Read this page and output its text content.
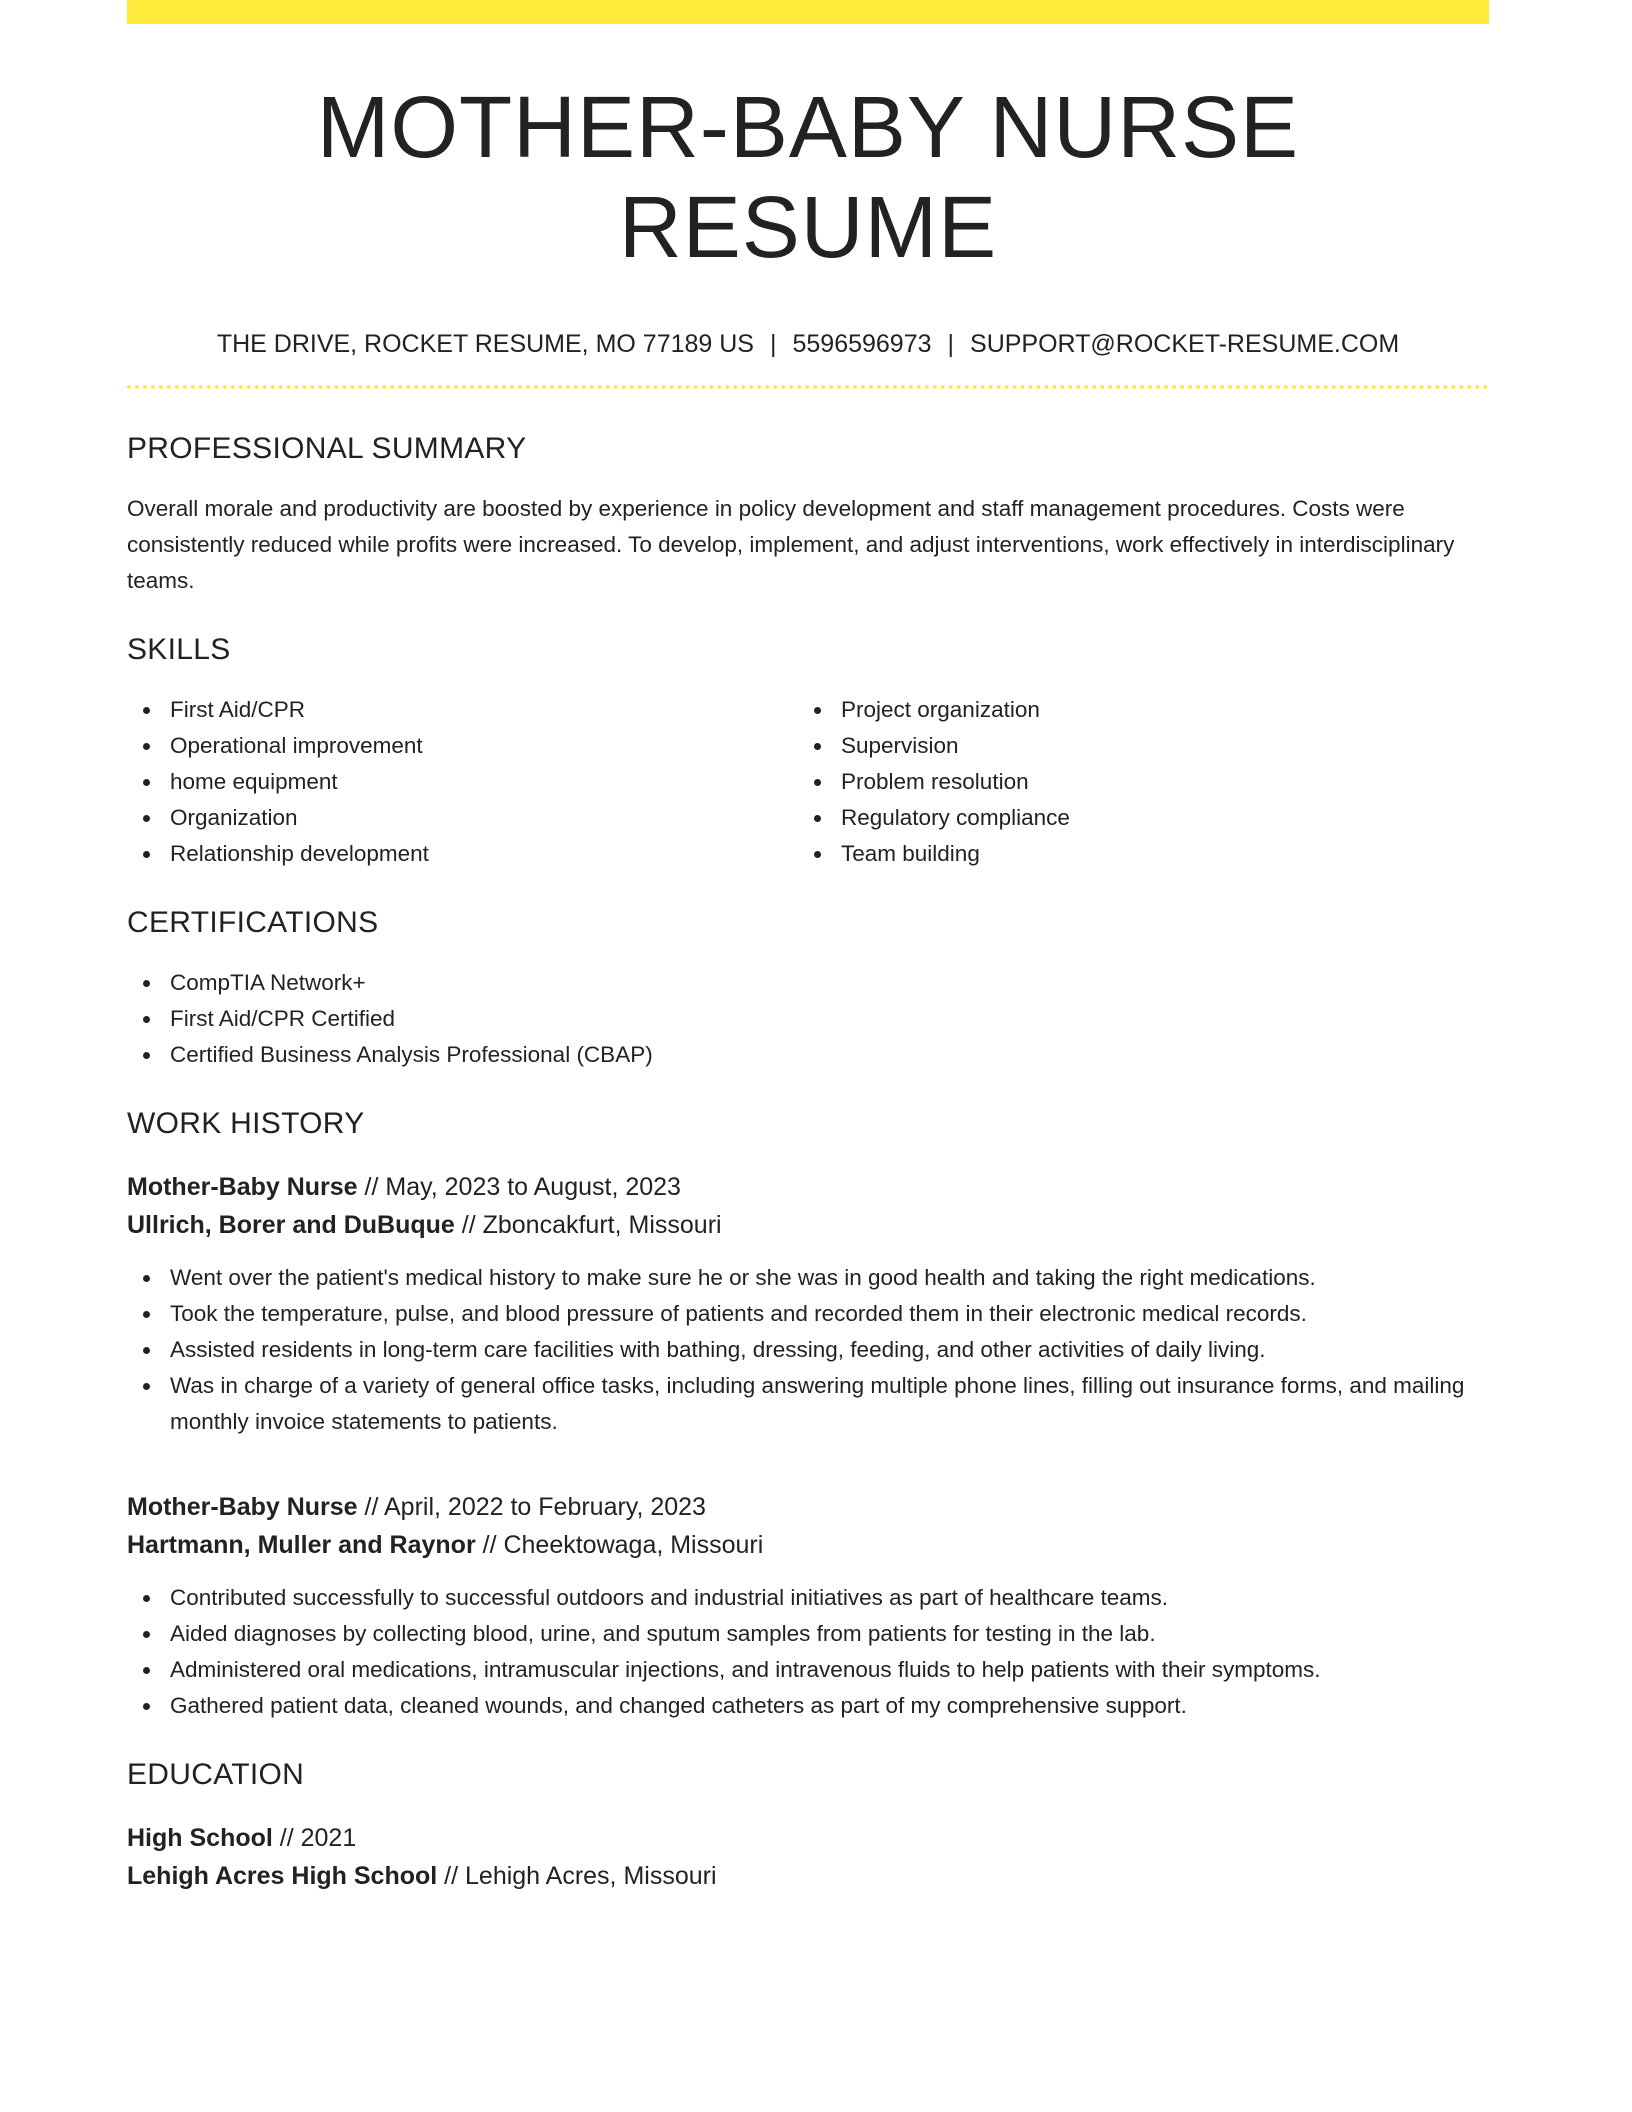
MOTHER-BABY NURSE RESUME
THE DRIVE, ROCKET RESUME, MO 77189 US | 5596596973 | SUPPORT@ROCKET-RESUME.COM
PROFESSIONAL SUMMARY

Overall morale and productivity are boosted by experience in policy development and staff management procedures. Costs were consistently reduced while profits were increased. To develop, implement, and adjust interventions, work effectively in interdisciplinary teams.

SKILLS
First Aid/CPR
Operational improvement
home equipment
Organization
Relationship development
Project organization
Supervision
Problem resolution
Regulatory compliance
Team building
CERTIFICATIONS
CompTIA Network+
First Aid/CPR Certified
Certified Business Analysis Professional (CBAP)
WORK HISTORY
Mother-Baby Nurse // May, 2023 to August, 2023
Ullrich, Borer and DuBuque // Zboncakfurt, Missouri
Went over the patient's medical history to make sure he or she was in good health and taking the right medications.
Took the temperature, pulse, and blood pressure of patients and recorded them in their electronic medical records.
Assisted residents in long-term care facilities with bathing, dressing, feeding, and other activities of daily living.
Was in charge of a variety of general office tasks, including answering multiple phone lines, filling out insurance forms, and mailing monthly invoice statements to patients.
Mother-Baby Nurse // April, 2022 to February, 2023
Hartmann, Muller and Raynor // Cheektowaga, Missouri
Contributed successfully to successful outdoors and industrial initiatives as part of healthcare teams.
Aided diagnoses by collecting blood, urine, and sputum samples from patients for testing in the lab.
Administered oral medications, intramuscular injections, and intravenous fluids to help patients with their symptoms.
Gathered patient data, cleaned wounds, and changed catheters as part of my comprehensive support.
EDUCATION
High School // 2021
Lehigh Acres High School // Lehigh Acres, Missouri
